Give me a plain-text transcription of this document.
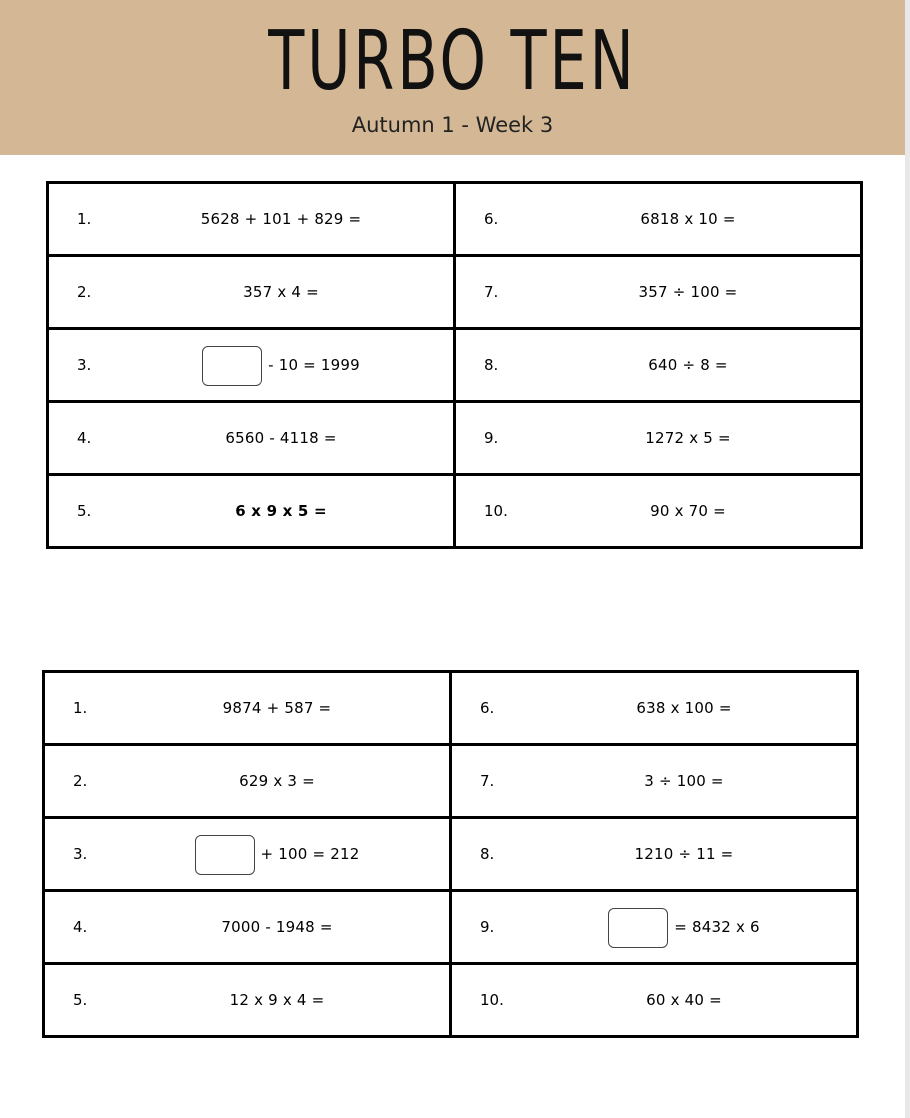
TURBO TEN
Autumn 1 - Week 3
1. 5628 + 101 + 829 =	6. 6818 x 10 =

2. 357 x 4 =	7. 357 ÷ 100 =

3. - 10 = 1999	8. 640 ÷ 8 =

4. 6560 - 4118 =	9. 1272 x 5 =

5. 6 x 9 x 5 =	10. 90 x 70 =
1. 9874 + 587 =	6. 638 x 100 =

2. 629 x 3 =	7. 3 ÷ 100 =

3. + 100 = 212	8. 1210 ÷ 11 =

4. 7000 - 1948 =	9. = 8432 x 6

5. 12 x 9 x 4 =	10. 60 x 40 =
